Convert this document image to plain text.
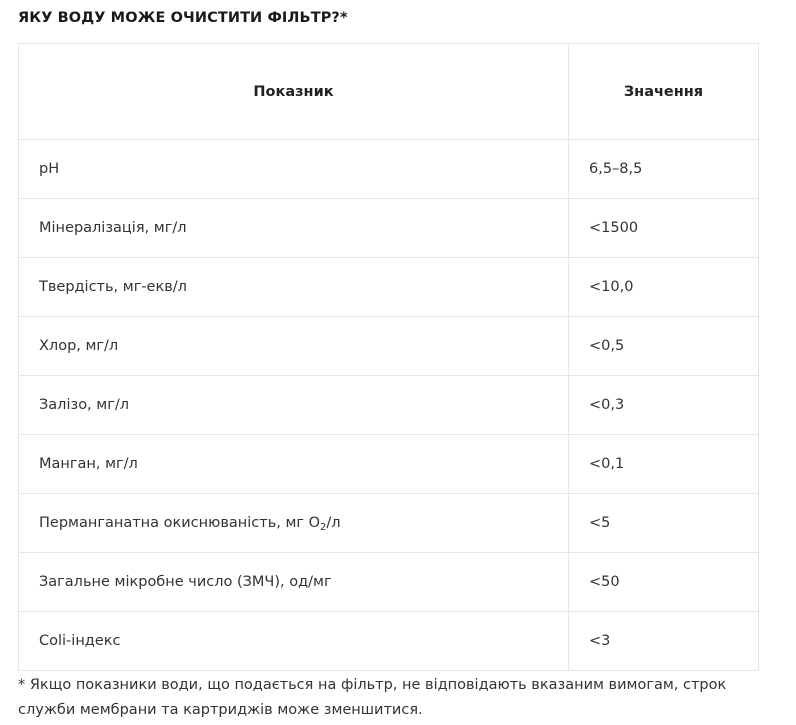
ЯКУ ВОДУ МОЖЕ ОЧИСТИТИ ФІЛЬТР?*
Показник	Значення
pH	6,5–8,5
Мінералізація, мг/л	<1500
Твердість, мг-екв/л	<10,0
Хлор, мг/л	<0,5
Залізо, мг/л	<0,3
Манган, мг/л	<0,1
Перманганатна окиснюваність, мг $O_2/л$	<5
Загальне мікробне число (ЗМЧ), од/мг	<50
Coli-індекс	<3

* Якщо показники води, що подається на фільтр, не відповідають вказаним вимогам, строк служби мембрани та картриджів може зменшитися.
